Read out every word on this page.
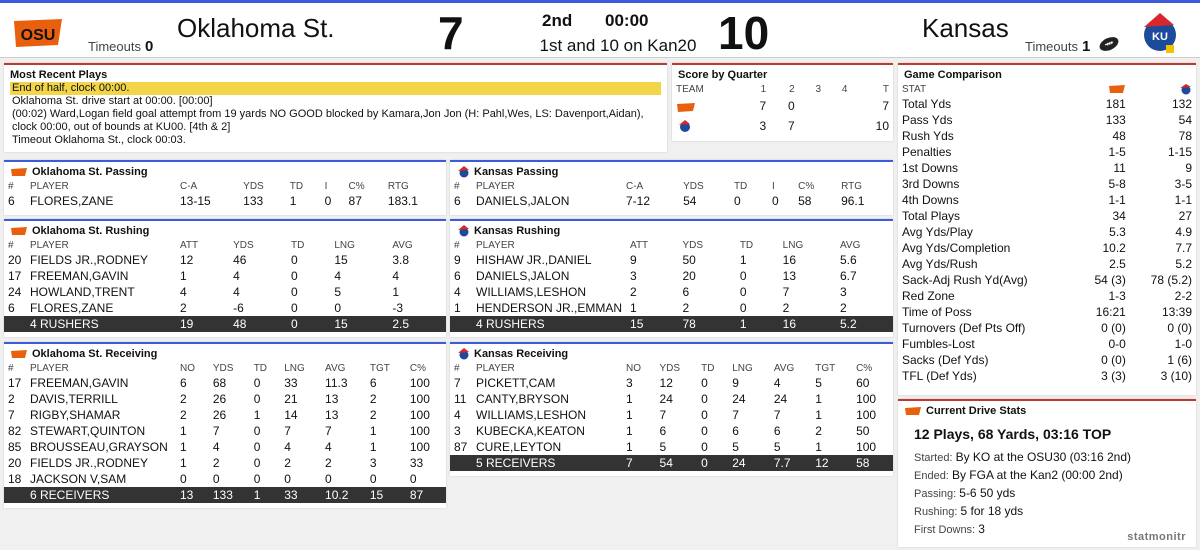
OSU	Oklahoma St.
Timeouts 0	7	2nd 00:00
1st and 10 on Kan20 10	Kansas
Timeouts 1
KU
Most Recent Plays
End of half, clock 00:00.
Oklahoma St. drive start at 00:00. [00:00]
(00:02) Ward,Logan field goal attempt from 19 yards NO GOOD blocked by Kamara,Jon Jon (H: Pahl,Wes, LS: Davenport,Aidan), clock 00:00, out of bounds at KU00. [4th & 2]
Timeout Oklahoma St., clock 00:03.
Score by Quarter
TEAM	1	2	3	4	T
	7	0			7
	3	7			10
Game Comparison
STAT		
Total Yds	181	132
Pass Yds	133	54
Rush Yds	48	78
Penalties	1-5	1-15
1st Downs	11	9
3rd Downs	5-8	3-5
4th Downs	1-1	1-1
Total Plays	34	27
Avg Yds/Play	5.3	4.9
Avg Yds/Completion	10.2	7.7
Avg Yds/Rush	2.5	5.2
Sack-Adj Rush Yd(Avg)	54 (3)	78 (5.2)
Red Zone	1-3	2-2
Time of Poss	16:21	13:39
Turnovers (Def Pts Off)	0 (0)	0 (0)
Fumbles-Lost	0-0	1-0
Sacks (Def Yds)	0 (0)	1 (6)
TFL (Def Yds)	3 (3)	3 (10)
Current Drive Stats
12 Plays, 68 Yards, 03:16 TOP
Started: By KO at the OSU30 (03:16 2nd)
Ended: By FGA at the Kan2 (00:00 2nd)
Passing: 5-6 50 yds
Rushing: 5 for 18 yds
First Downs: 3
statmonitr
Oklahoma St. Passing
#	PLAYER	C-A	YDS	TD	I	C%	RTG
6	FLORES,ZANE	13-15	133	1	0	87	183.1
Kansas Passing
#	PLAYER	C-A	YDS	TD	I	C%	RTG
6	DANIELS,JALON	7-12	54	0	0	58	96.1
Oklahoma St. Rushing
#	PLAYER	ATT	YDS	TD	LNG	AVG
20	FIELDS JR.,RODNEY	12	46	0	15	3.8
17	FREEMAN,GAVIN	1	4	0	4	4
24	HOWLAND,TRENT	4	4	0	5	1
6	FLORES,ZANE	2	-6	0	0	-3
	4 RUSHERS	19	48	0	15	2.5
Kansas Rushing
#	PLAYER	ATT	YDS	TD	LNG	AVG
9	HISHAW JR.,DANIEL	9	50	1	16	5.6
6	DANIELS,JALON	3	20	0	13	6.7
4	WILLIAMS,LESHON	2	6	0	7	3
1	HENDERSON JR.,EMMAN	1	2	0	2	2
	4 RUSHERS	15	78	1	16	5.2
Oklahoma St. Receiving
#	PLAYER	NO	YDS	TD	LNG	AVG	TGT	C%
17	FREEMAN,GAVIN	6	68	0	33	11.3	6	100
2	DAVIS,TERRILL	2	26	0	21	13	2	100
7	RIGBY,SHAMAR	2	26	1	14	13	2	100
82	STEWART,QUINTON	1	7	0	7	7	1	100
85	BROUSSEAU,GRAYSON	1	4	0	4	4	1	100
20	FIELDS JR.,RODNEY	1	2	0	2	2	3	33
18	JACKSON V,SAM	0	0	0	0	0	0	0
	6 RECEIVERS	13	133	1	33	10.2	15	87
Kansas Receiving
#	PLAYER	NO	YDS	TD	LNG	AVG	TGT	C%
7	PICKETT,CAM	3	12	0	9	4	5	60
11	CANTY,BRYSON	1	24	0	24	24	1	100
4	WILLIAMS,LESHON	1	7	0	7	7	1	100
3	KUBECKA,KEATON	1	6	0	6	6	2	50
87	CURE,LEYTON	1	5	0	5	5	1	100
	5 RECEIVERS	7	54	0	24	7.7	12	58
